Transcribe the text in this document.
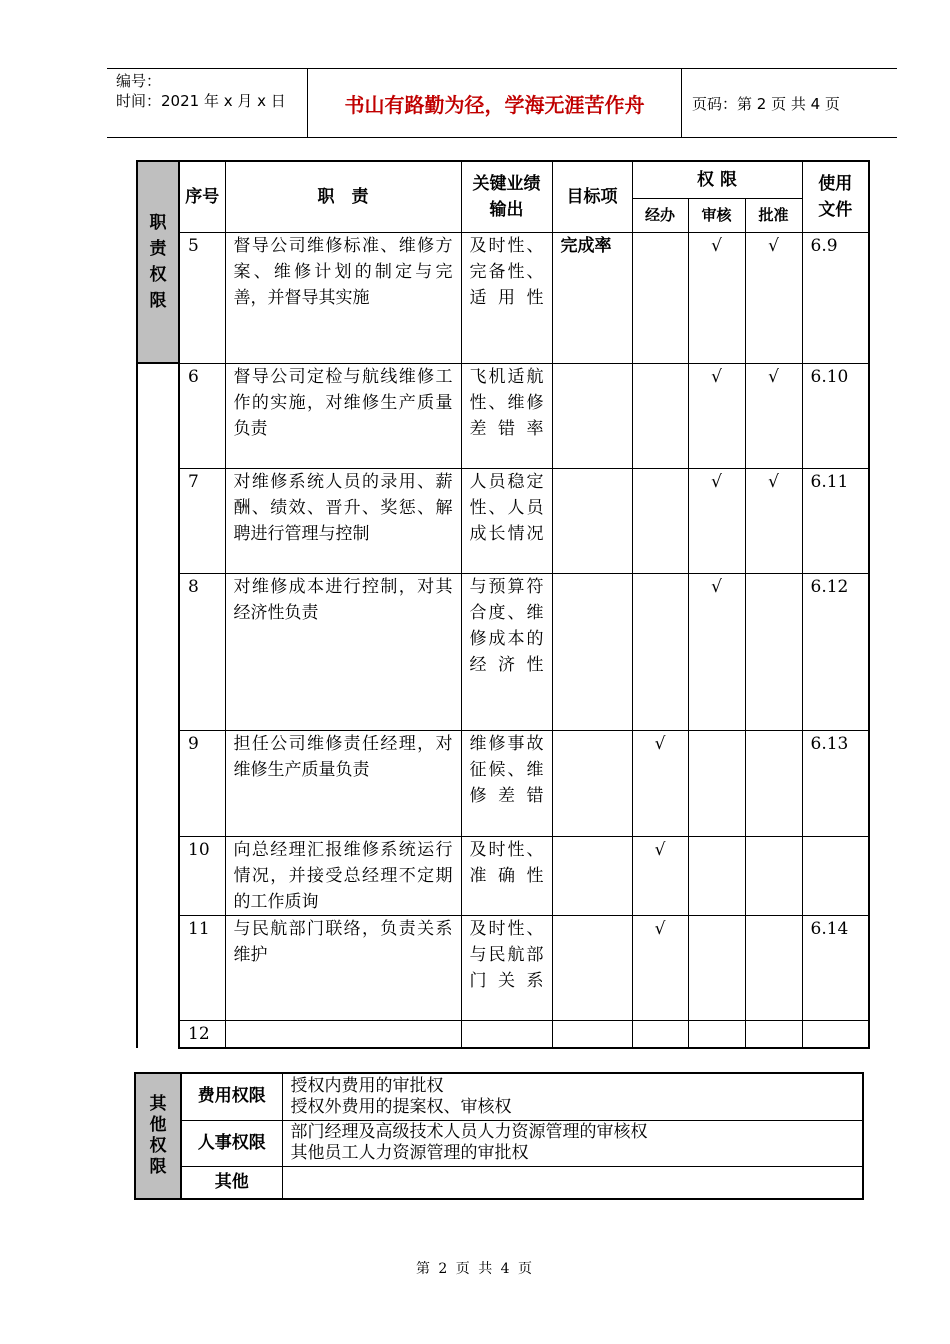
编号：
时间：2021 年 x 月 x 日	书山有路勤为径，学海无涯苦作舟	页码：第 2 页 共 4 页
职责权限	序号	职　责	关键业绩输出	目标项	权 限			使用文件
					经办	审核	批准	
	5	督导公司维修标准、维修方案、维修计划的制定与完善，并督导其实施	及时性、完备性、适用性	完成率		√	√	6.9
	6	督导公司定检与航线维修工作的实施，对维修生产质量负责	飞机适航性、维修差错率			√	√	6.10
	7	对维修系统人员的录用、薪酬、绩效、晋升、奖惩、解聘进行管理与控制	人员稳定性、人员成长情况			√	√	6.11
	8	对维修成本进行控制，对其经济性负责	与预算符合度、维修成本的经济性			√		6.12
	9	担任公司维修责任经理，对维修生产质量负责	维修事故征候、维修差错		√			6.13
	10	向总经理汇报维修系统运行情况，并接受总经理不定期的工作质询	及时性、准确性		√			
	11	与民航部门联络，负责关系维护	及时性、与民航部门关系		√			6.14
	12							
其他权限	费用权限	授权内费用的审批权
授权外费用的提案权、审核权

	人事权限	部门经理及高级技术人员人力资源管理的审核权
其他员工人力资源管理的审批权

	其他	
第 2 页 共 4 页
